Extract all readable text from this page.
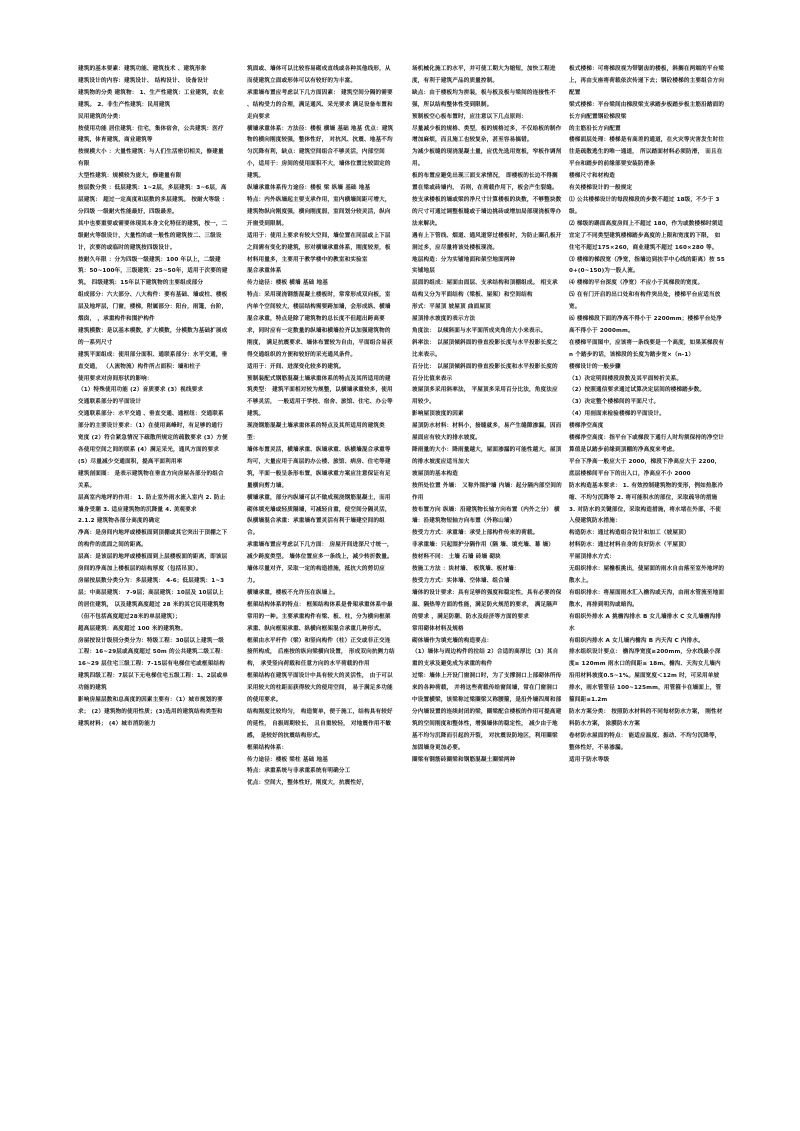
建筑的基本要素：建筑功能、建筑技术 、建筑形象

建筑设计的内容：建筑设计、 结构设计、 设备设计

建筑物的分类 建筑物： 1、生产性建筑：工业建筑，农业建筑。 2、非生产性建筑：民用建筑

民用建筑的分类：

按使用功能 居住建筑：住宅，集体宿舍，公共建筑：医疗建筑，体育建筑，商业建筑等

按规模大小 ：大量性建筑：与人们生活密切相关，修建量有限

大型性建筑：规模较为庞大，修建量有限

按层数分类 ：低层建筑：1~2层，多层建筑：3~6层，高层建筑： 超过一定高度和层数的多层建筑。 按耐火等级 ：分四级 一级耐火性能最好，四级最差。

其中也要重要或需要体现其本身文化特征的建筑，按一，二级耐火等级设计，大量性的或一般性的建筑按二、三级设计，次要的或临时的建筑按四级设计。

按耐久年限 ：分为四级一级建筑：100 年以上，二级建筑：50~100年，三级建筑：25~50年，适用于次要的建筑。 四级建筑：15年以下建筑物的主要组成部分

组成部分：六大部分、八大构件：要有基础、墙或柱、楼板层及地坪层，门窗，楼梯，附属部分：阳台，雨篷，台阶，烟囱， ，承重构件和围护构件

建筑模数：是以基本模数，扩大模数，分模数为基础扩展成的一系列尺寸

建筑平面组成：使用部分面积、通联系部分：水平交通，垂直交通， （人流物流）构件所占面积：墙和柱子

使用要求对房间形状的影响：

（1）特殊使用功能 (2）音质要求 (3）视线要求

交通联系部分的平面设计

交通联系部分：水平交通 、垂直交通、通框纽：交通联系部分的主要设计要求：（1）在使用高峰时，有足够的通行宽度 (2）符合紧急情况下疏散所规定的疏散要求 (3）方便各使用空间之间的联系 (4）满足采光，通风方面的要求 (5）尽量减少交通面积，提高平面利用率

建筑剖面图： 是表示建筑物在垂直方向房屋各部分的组合关系。

层高室内地坪的作用： 1. 防止室外雨水流入室内 2. 防止墙身受潮 3. 适应建筑物的沉降量 4. 美观要求

2.1.2 建筑物各部分高度的确定

净高：是房间内地坪或楼板面到顶棚或其它突出于顶棚之下的构件的底面之间的距离。

层高：是该层的地坪或楼板面到上层楼板面的距离，即该层房间的净高加上楼板层的结构厚度（包括吊顶）。

房屋按层数分类分为：多层建筑： 4-6；低层建筑：1~3层；中高层建筑： 7-9层；高层建筑：10层及 10层以上的居住建筑， 以及建筑高度超过 28 米的其它民用建筑物（但不包括高度超过28米的单层建筑）；

超高层建筑：高度超过 100 米的建筑物。

房屋按设计级别分类分为：特级工程：30层以上建筑一级工程：16~29层或高度超过 50m 的公共建筑二级工程：16~29 层住宅三级工程：7-15层有电梯住宅或框架结构建筑四级工程：7层以下无电梯住宅五级工程：1、2层或单功能的建筑

影响房屋层数和总高度的因素主要有：（1）城市规划的要求； (2）建筑物的使用性质；(3)选用的建筑结构类型和建筑材料； (4）城市消防能力

筑面或、墙体可以比较容易砌成直线或各种其他线形，从而使建筑立面或形体可以有较好的为丰富。

承重墙布置应考虑以下几方面因素： 建筑空间分隔的需要 、结构受力的合理，满足通风、采光要求 满足设备布置和走向要求

横墙承重体系：方法径：楼板 横墙 基础 地基 优点：建筑物的横向刚度较强，整体性好， 对抗风、抗震、地基不均匀沉降有利，缺点：建筑空间组合不够灵活，内部空间小，适用于：房间的使用面积不大，墙体位置比较固定的建筑。

纵墙承重体系传力途径：楼板 梁 纵墙 基础 地基

特点：内外纵墙起主要支承作用，室内横墙间距可增大，建筑物纵向刚度强，横向刚度弱，室间划分较灵活，纵向开窗受到限制。

适用于：使用上要求有较大空间，墙位置在同层或上下层之间需有变化的建筑，形对横墙承重体系，刚度较差，板材料用量多，主要用于教学楼中的教室和实验室

混合承重体系

传力途径：楼板 横墙 基础 地基

特点：采用现浇钢筋混凝土楼板时，常常形成双向板，室内单个空间较大，楼层结构需要跨加墙，会形成纵、横墙混合承重，特点是除了建筑物的总长度不但超出跨高要求，同时应有一定数量的纵墙和横墙拉齐以加强建筑物的刚度， 满足抗震要求、墙体布置较为自由，平面组合易获得交通组织的方便和较好的采光通风条件。

适用于：开间、进深变化较多的建筑。

预制装配式钢筋混凝土墙承重体系的特点及其所适用的建筑类型： 建筑平面相对较为规整，以横墙承重较多，使用不够灵活， 一般适用于学校、宿舍、旅馆、住宅、办公等建筑。

现浇钢筋混凝土墙承重体系的特点及其所适用的建筑类型：

墙体布置灵活，横墙承重、纵墙承重、纵横墙混合承重等均可，大量应用于高层的办公楼、旅馆、病房、住宅等建筑，平面一般呈条形布置，纵墙承重方案应注意保证有足量横向剪力墙。

横墙承重，部分内纵墙可以不做成现浇钢筋混凝土，而用砌体填充墙或轻质隔墙，可减轻自重，使空间分隔灵活，纵横墙混合承重：承重墙布置灵活有利于墙建空间的组合。

承重墙布置应考虑以下几方面： 房屋开间进深尺寸统一，减少跨度类型。 墙体位置应多一条线上，减少转折数量。 墙体尽量对齐，采取一定的构造措施，抵抗大的剪切应力。

横墙承重，楼板不允许压在纵墙上。

框架结构体系的特点： 框架结构体系是骨架承重体系中最常用的一种。主要承重构件有梁、板、柱，分为横向框架承重、纵向框架承重、纵横向框架混合承重几种形式。

框架由水平杆件（梁）和竖向构件（柱）正交或非正交连接所构成， 后座按的纵向梁横向设置， 形成双向抗侧力结构， 承受竖向荷载和任意方向的水平荷载的作用

框架结构在建筑平面设计中具有较大的灵活性， 由于可以采用较大的柱距而获得较大的使用空间， 易于满足多功能的使用要求。

结构刚度比较均匀， 构造简单，便于施工，结构具有较好的延性， 自振周期较长， 且自重较轻， 对地震作用不敏感， 是较好的抗震结构形式。

框架结构体系：

传力途径：楼板 梁柱 基础 地基

特点：承重系统与非承重系统有明确分工

优点：空间大，整体性好，刚度大，抗震性好，

场机械化施工的水平，并可使工期大为缩短，加快工程进度，有利于建筑产品的质量控制。

缺点：由于楼板均为拼装，板与板及板与梁间的连接性不强，所以结构整体性受到限制。

预制板空心板布置时，应注意以下几点原则：

尽量减少板的规格、类型，板的规格过多，不仅给板的制作增加麻烦，而且施工也较复杂，甚至容易搞错。

为减少板缝的现浇混凝土量，应优先选用宽板，窄板作调剂用。

板的布置应避免出现三面支承情况， 即楼板的长边不得搁置在梁或砖墙内， 否则，在荷载作用下，板会产生裂缝。

按支承楼板的墙或梁的净尺寸计算楼板的块数，不够整块数的尺寸可通过调整板缝或于墙边挑砖或增加局部现浇板等办法来解决。

遇有上下管线、烟道、通风道穿过楼板时，为防止圈孔板开洞过多，应尽量将该处楼板现浇。

地层构造：分为实铺地面和架空地面两种

实铺地层

层面的组成：屋面由面层、支承结构和顶棚组成。 相支承结构又分为平面结构（梁板、屋架）和空间结构

形式：平屋顶 坡屋顶 曲面屋顶

屋顶排水坡度的表示方法

角度法： 以倾斜面与水平面所成夹角的大小来表示。

斜率法： 以屋顶倾斜面的垂直投影长度与水平投影长度之比来表示。

百分比： 以屋顶倾斜面的垂直投影长度和水平投影长度的百分比值来表示

坡屋顶多采用斜率法， 平屋顶多采用百分比法，角度法应用较少。

影响屋顶坡度的因素

屋顶防水材料：材料小，接缝就多，易产生缝隙渗漏，因而屋面应有较大的排水坡度。

降雨量的大小：降雨量越大，屋面渗漏的可能性越大，屋顶的排水坡度应适当加大

坡屋顶的基本构造

按所处位置 外墙： 又称外围护墙 内墙：起分隔内部空间的作用

按布置方向 纵墙：沿建筑物长轴方向布置（内外之分） 横墙：沿建筑物短轴方向布置（外称山墙）

按受力方式：承重墙：承受上部构件传来的荷载。

非承重墙：只起围护分隔作用（隔 墙、填充墙、幕 墙）

按材料不同： 土墙 石墙 砖墙 砌块

按施工方法 ：块材墙、 板筑墙、板材墙：

按受力方式：实体墙、空体墙、组合墙

墙体的设计要求：具有足够的强度和稳定性，具有必要的保温、隔热等方面的性能，满足防火规范的要求， 满足隔声的要求 ，满足防潮、防水及经济等方面的要求

常用砌体材料及规格

砌体墙作为填充墙的构造要点：

（1）墙体与周边构件的拉结 2）合适的高厚比（3）其自重的支承及避免成为承重的构件

过梁：墙体上开设门窗洞口时，为了支撑洞口上部砌体所传来的各种荷载， 并将这些荷载传给窗间墙，常在门窗洞口中设置横梁，该梁称过梁圈梁又称腰箍，是沿外墙四周和部分内墙设置的连续封闭的梁，圈梁配合楼板的作用可提高建筑的空间刚度和整体性，增强墙体的稳定性， 减少由于地基不均匀沉降而引起的开裂， 对抗震设防地区，利用圈梁加固墙身更加必要。

圈梁有钢筋砖圈梁和钢筋混凝土圈梁两种

板式楼梯：可将梯段视为带锯齿的楼板，斜搁在两端的平台梁上，再由支座将荷载依次传递下去；钢砼楼梯的主要组合方向配置

梁式楼梯：平台梁间由梯段梁支承踏步板踏步板主筋沿踏面的长方向配置钢砼梯段梁

的主筋沿长方向配置

楼梯面层处理：楼梯是有高差的通道，在火灾等灾害发生时往往是疏散逃生的唯一通道， 所以踏面材料必须防滑， 而且在平台和踏步的前缘部要安装防滑条

楼梯尺寸和材构造

有关楼梯设计的一般规定

⑴ 公共楼梯设计的每段梯段的步数不超过 18级，不少于 3 级。

⑵ 梯级的踢面高度房间上不超过 180，作为或数楼梯时须适宜定了不同类型建筑楼梯踏步高度的上限和宽度的下限， 如住宅不超过175×260，商业建筑不超过 160×280 等。

⑶ 楼梯的梯段宽（净宽，指墙边到扶手中心线的距离）按 550+(0~150)为一股人流。

⑷ 楼梯的平台深度（净宽）不应小于其梯段的宽度。

⑸ 在有门开启的出口处和有构件突出处，楼梯平台应适当放宽。

⑹ 楼梯梯段下面的净高不得小于 2200mm；楼梯平台处净高不得小于 2000mm。

在楼梯平面图中，应该将一条线要是一个高度，如果某梯段有 n 个踏步的话，该梯段的长度为踏步宽×（n-1）

楼梯设计的一般步骤

（1）决定明间楼段段数及其平面转折关系。

（2）按照通信要求通过试算决定层间的楼梯踏步数。

（3）决定整个楼梯间的平面尺寸。

（4）用剖面来检验楼梯的平面设计。

楼梯净空高度

楼梯净空高度：指平台下或梯段下通行人时均须保持的净空计算值是以踏步前缘到顶棚的净高度来考虑。

平台下净高一般应大于 2000，梯段下净高应大于 2200， 底层楼梯间平台下的出入口，净高应不小 2000

防水构造基本要求： 1. 有效控制建筑物的变形，例如热胀冷缩、不均匀沉降等 2. 将可能积水的部位，采取疏导的措施 3. 对防水的关键部位，采取构造措施，将水堵在外部，不使入侵建筑防水措施：

构造防水：通过构造组合设计和加工（坡屋顶）

材料防水：通过材料自身的良好防水（平屋顶）

平屋顶排水方式：

无组织排水：屋檐板挑出，使屋面的雨水自由落至室外地坪的散水上。

有组织排水：将屋面雨水汇入檐沟或天沟，由雨水管流至地面散水，再排到明沟或暗沟。

有组织外排水 A 挑檐沟排水 B 女儿墙排水 C 女儿墙檐沟排水

有组织内排水 A 女儿墙内檐沟 B 内天沟 C 内排水。

排水组织设计要点： 檐沟净宽度≥200mm，分水线最小深度≥ 120mm 雨水口的间距≤ 18m。檐沟、天沟女儿墙内沿用材料坡度0.5~1%。屋面宽度＜12m 时，可采用单坡排水，雨水管管径 100~125mm，用管箍卡在墙面上，管箍间距≤1.2m

防水方案分类： 按照防水材料的不同每材防水方案， 刚性材料防水方案， 涂膜防水方案

卷材防水屋面的特点： 能适应温度、振动、不均匀沉降等，整体性好，不易渗漏。

适用于防水等级
